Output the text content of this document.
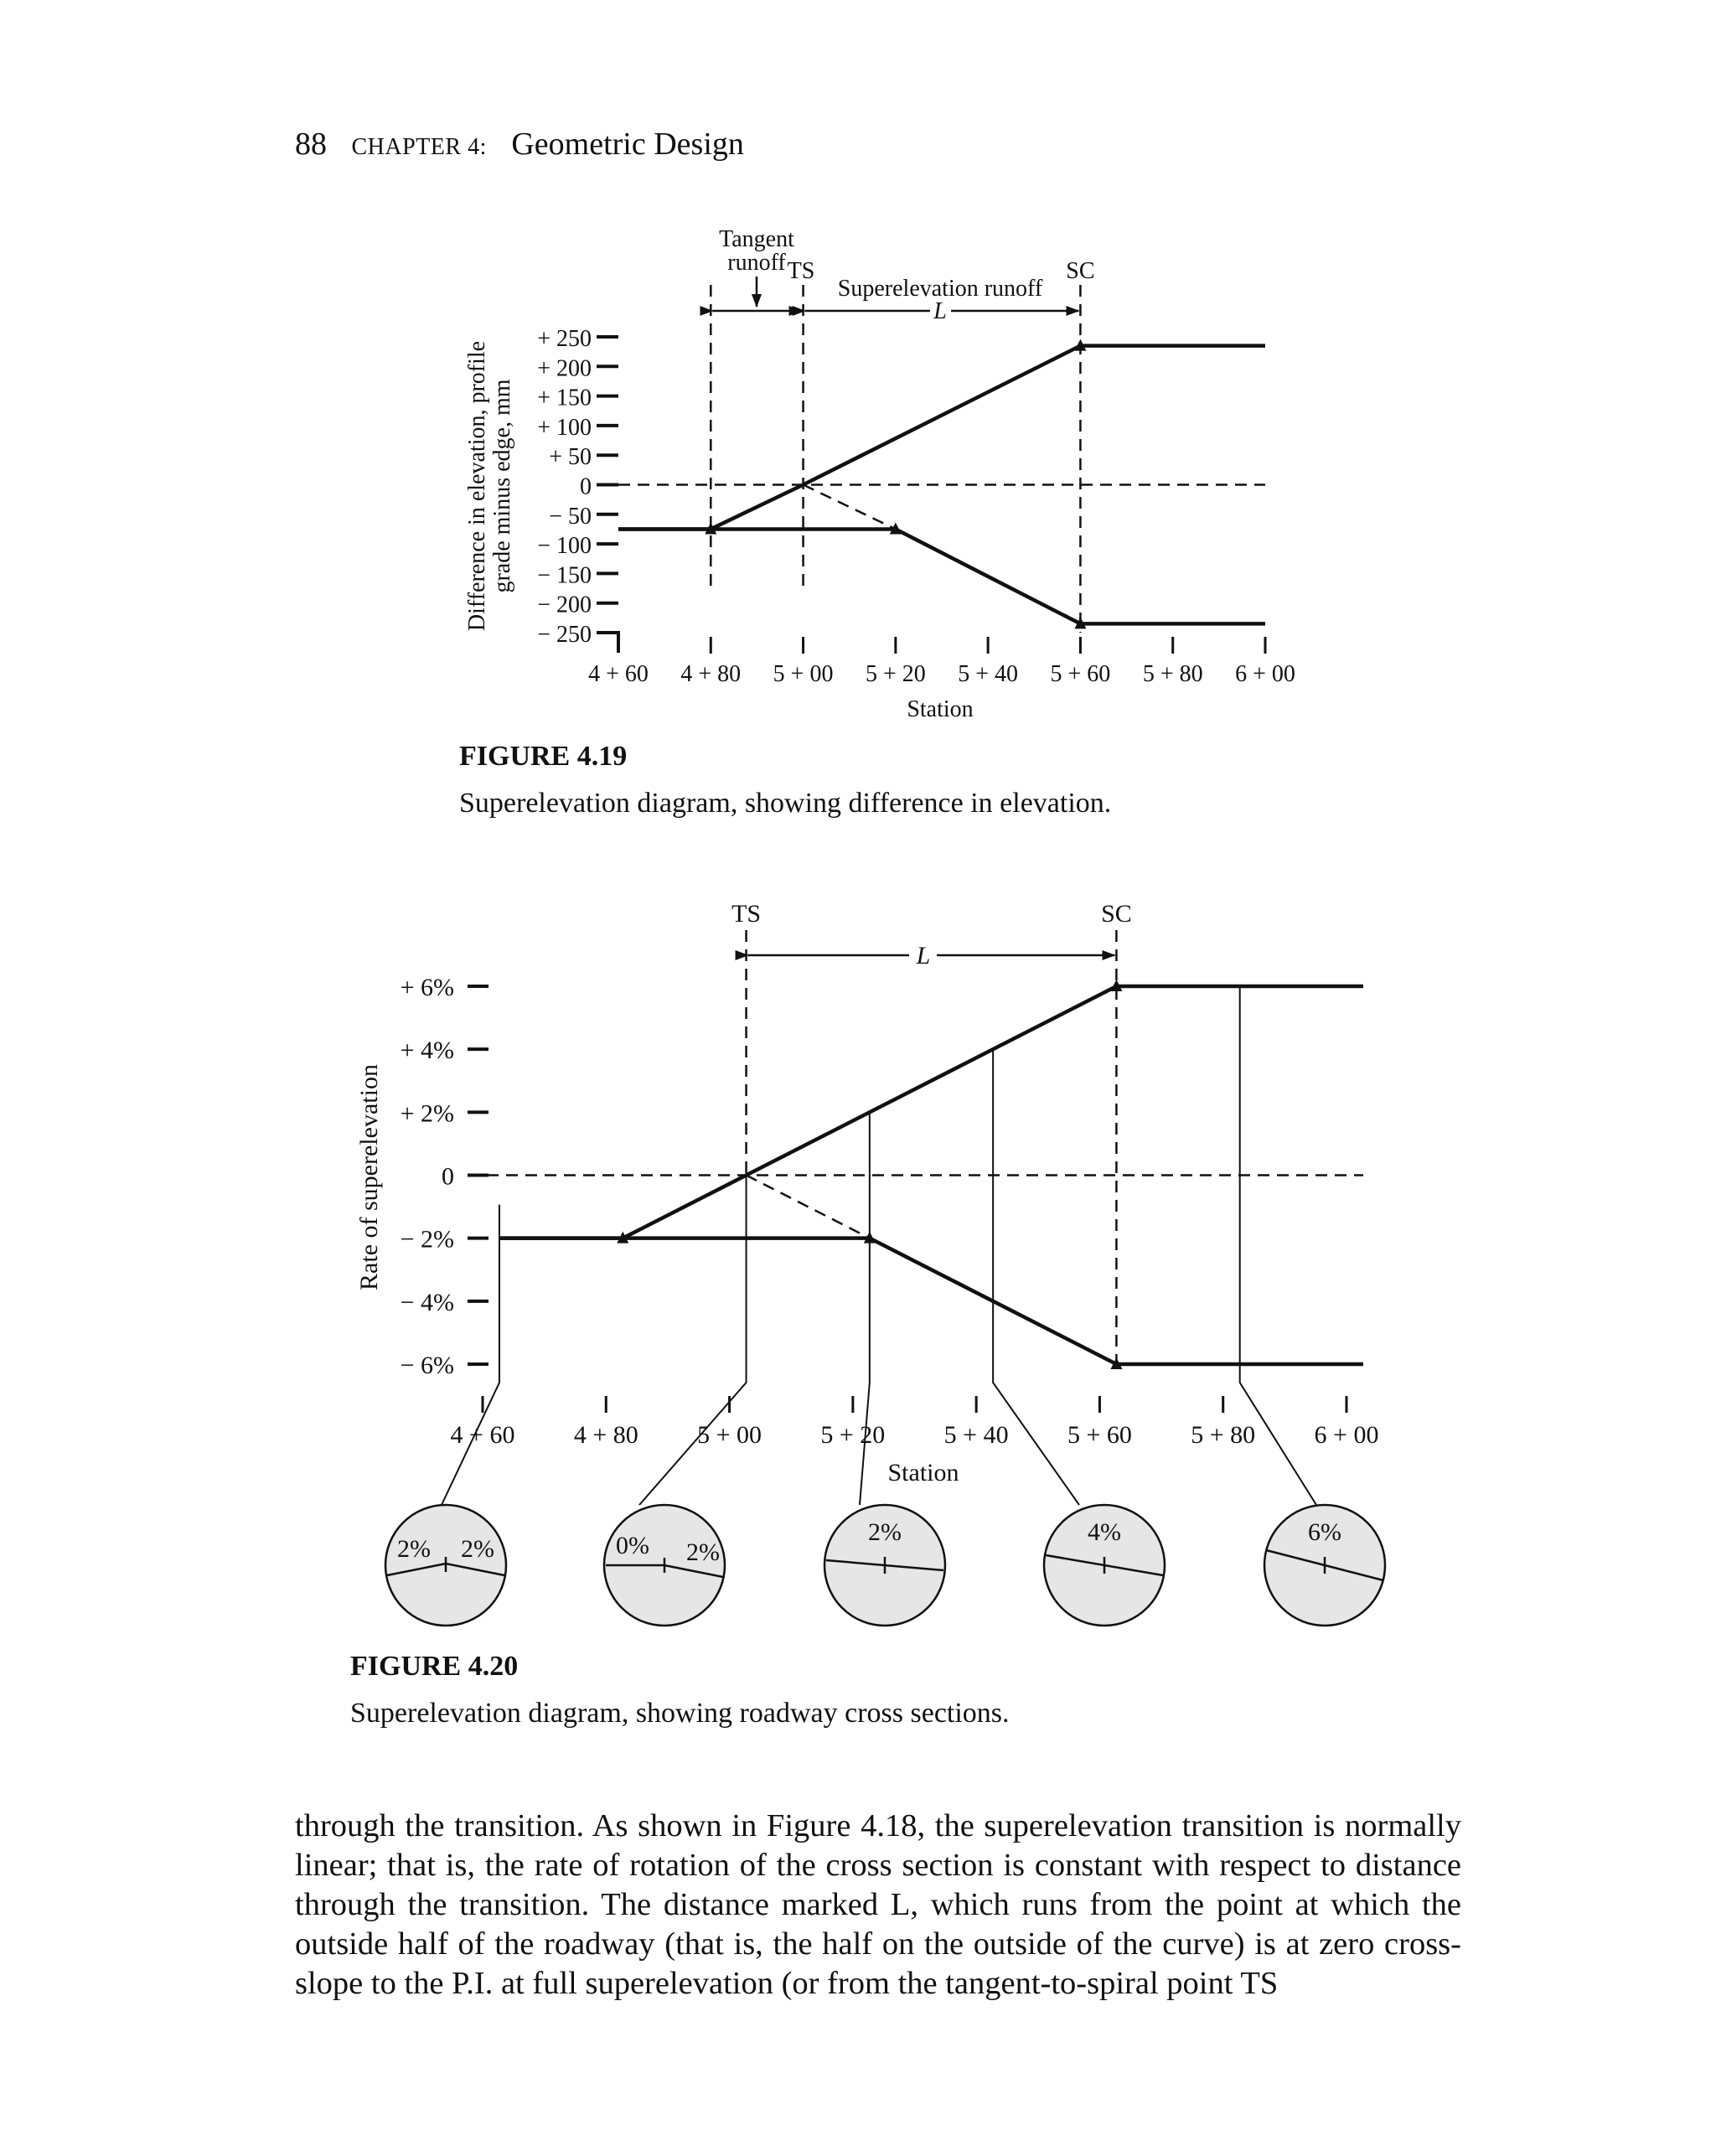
88 CHAPTER 4: Geometric Design
+ 250
+ 200
+ 150
+ 100
+ 50
0
− 50
− 100
− 150
− 200
− 250
4 + 60 4 + 80 5 + 00 5 + 20 5 + 40 5 + 60 5 + 80 6 + 00
Tangent
runoff TS
Superelevation runoff
L
SC
Station
Difference in elevation, profile grade minus edge, mm
FIGURE 4.19
Superelevation diagram, showing difference in elevation.
2% 2%	0% 2%
2%	4%	6%
+ 6%
+ 4%
+ 2%
0
− 2%
− 4%
− 6%
4 + 60 4 + 80 5 + 00 5 + 20 5 + 40 5 + 60 5 + 80 6 + 00
L
TS	SC
Station
Rate of superelevation
FIGURE 4.20
Superelevation diagram, showing roadway cross sections.

through the transition. As shown in Figure 4.18, the superelevation transition is normally linear; that is, the rate of rotation of the cross section is constant with respect to distance through the transition. The distance marked L, which runs from the point at which the outside half of the roadway (that is, the half on the outside of the curve) is at zero cross-slope to the P.I. at full superelevation (or from the tangent-to-spiral point TS
